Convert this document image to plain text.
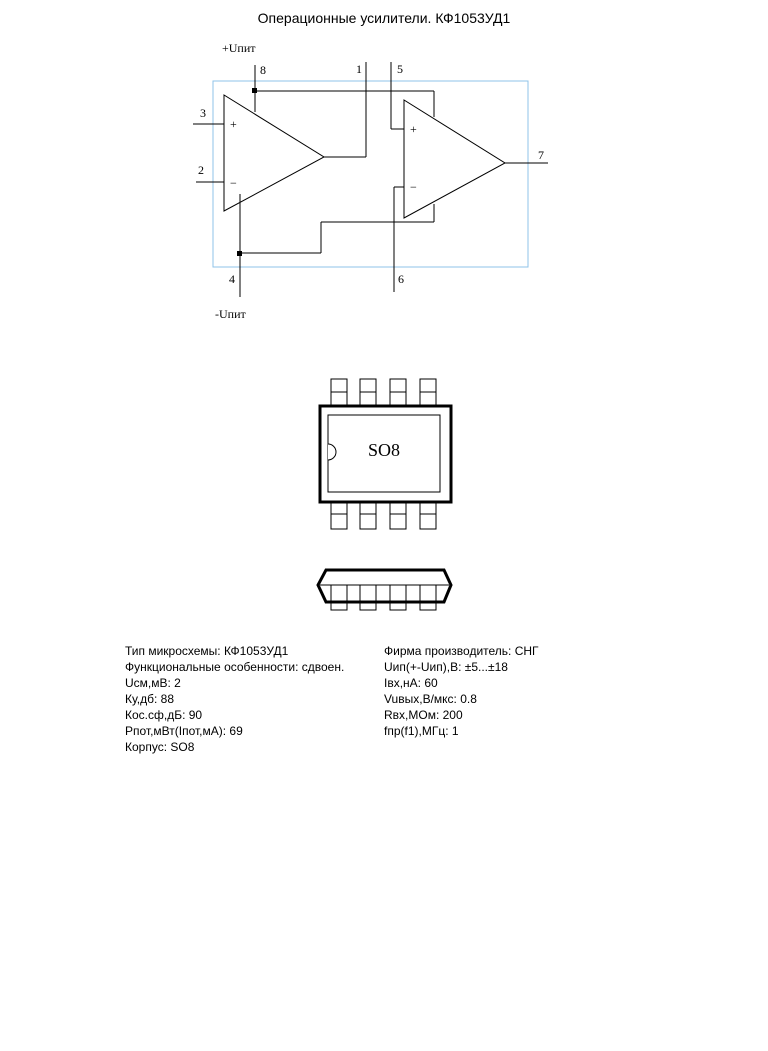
Операционные усилители. КФ1053УД1
+Uпит
-Uпит
8	1	5
3
2
4	6
7
+
−
+
−
SO8
Тип микросхемы: КФ1053УД1
Функциональные особенности: сдвоен.
Uсм,мВ: 2
Ку,дб: 88
Кос.сф,дБ: 90
Pпот,мВт(Iпот,мА): 69
Корпус: SO8
Фирма производитель: СНГ
Uип(+-Uип),В: ±5...±18
Iвх,нА: 60
Vuвых,В/мкс: 0.8
Rвх,МОм: 200
fпр(f1),МГц: 1
